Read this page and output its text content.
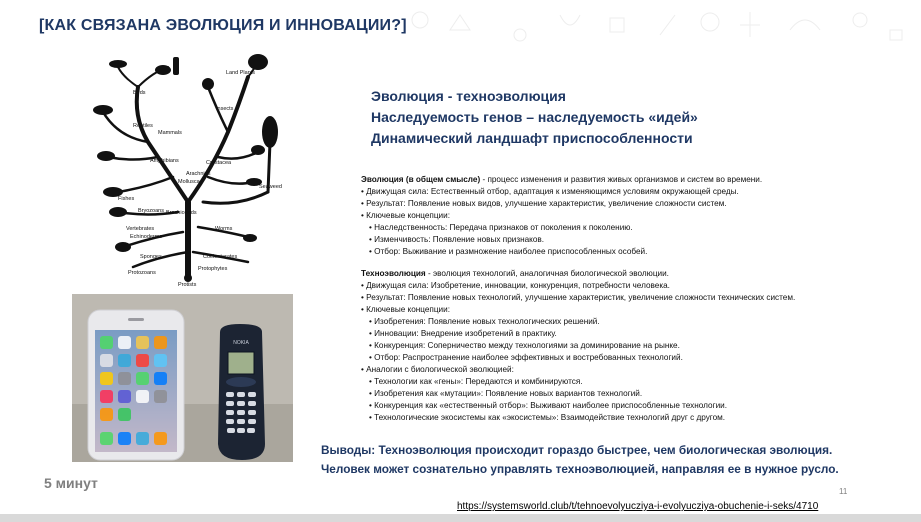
[КАК СВЯЗАНА ЭВОЛЮЦИЯ И ИННОВАЦИИ?]
Birds
Land Plants
Insects
Reptiles
Mammals
Amphibians	Crustacea
Arachnids
Mollusca
Fishes
Bryozoans Brachiopods
Seaweed
Vertebrates
Echinoderms
Worms
Sponges	Coelenterates
Protozoans
Protophytes
Protists
NOKIA
Эволюция - техноэволюция
Наследуемость генов – наследуемость «идей»
Динамический ландшафт приспособленности
Эволюция (в общем смысле) - процесс изменения и развития живых организмов и систем во времени.
• Движущая сила: Естественный отбор, адаптация к изменяющимся условиям окружающей среды.
• Результат: Появление новых видов, улучшение характеристик, увеличение сложности систем.
• Ключевые концепции:
• Наследственность: Передача признаков от поколения к поколению.
• Изменчивость: Появление новых признаков.
• Отбор: Выживание и размножение наиболее приспособленных особей.
Техноэволюция - эволюция технологий, аналогичная биологической эволюции.
• Движущая сила: Изобретение, инновации, конкуренция, потребности человека.
• Результат: Появление новых технологий, улучшение характеристик, увеличение сложности технических систем.
• Ключевые концепции:
• Изобретения: Появление новых технологических решений.
• Инновации: Внедрение изобретений в практику.
• Конкуренция: Соперничество между технологиями за доминирование на рынке.
• Отбор: Распространение наиболее эффективных и востребованных технологий.
• Аналогии с биологической эволюцией:
• Технологии как «гены»: Передаются и комбинируются.
• Изобретения как «мутации»: Появление новых вариантов технологий.
• Конкуренция как «естественный отбор»: Выживают наиболее приспособленные технологии.
• Технологические экосистемы как «экосистемы»: Взаимодействие технологий друг с другом.
Выводы: Техноэволюция происходит гораздо быстрее, чем биологическая эволюция.
Человек может сознательно управлять техноэволюцией, направляя ее в нужное русло.
5 минут
11
https://systemsworld.club/t/tehnoevolyucziya-i-evolyucziya-obuchenie-i-seks/4710
